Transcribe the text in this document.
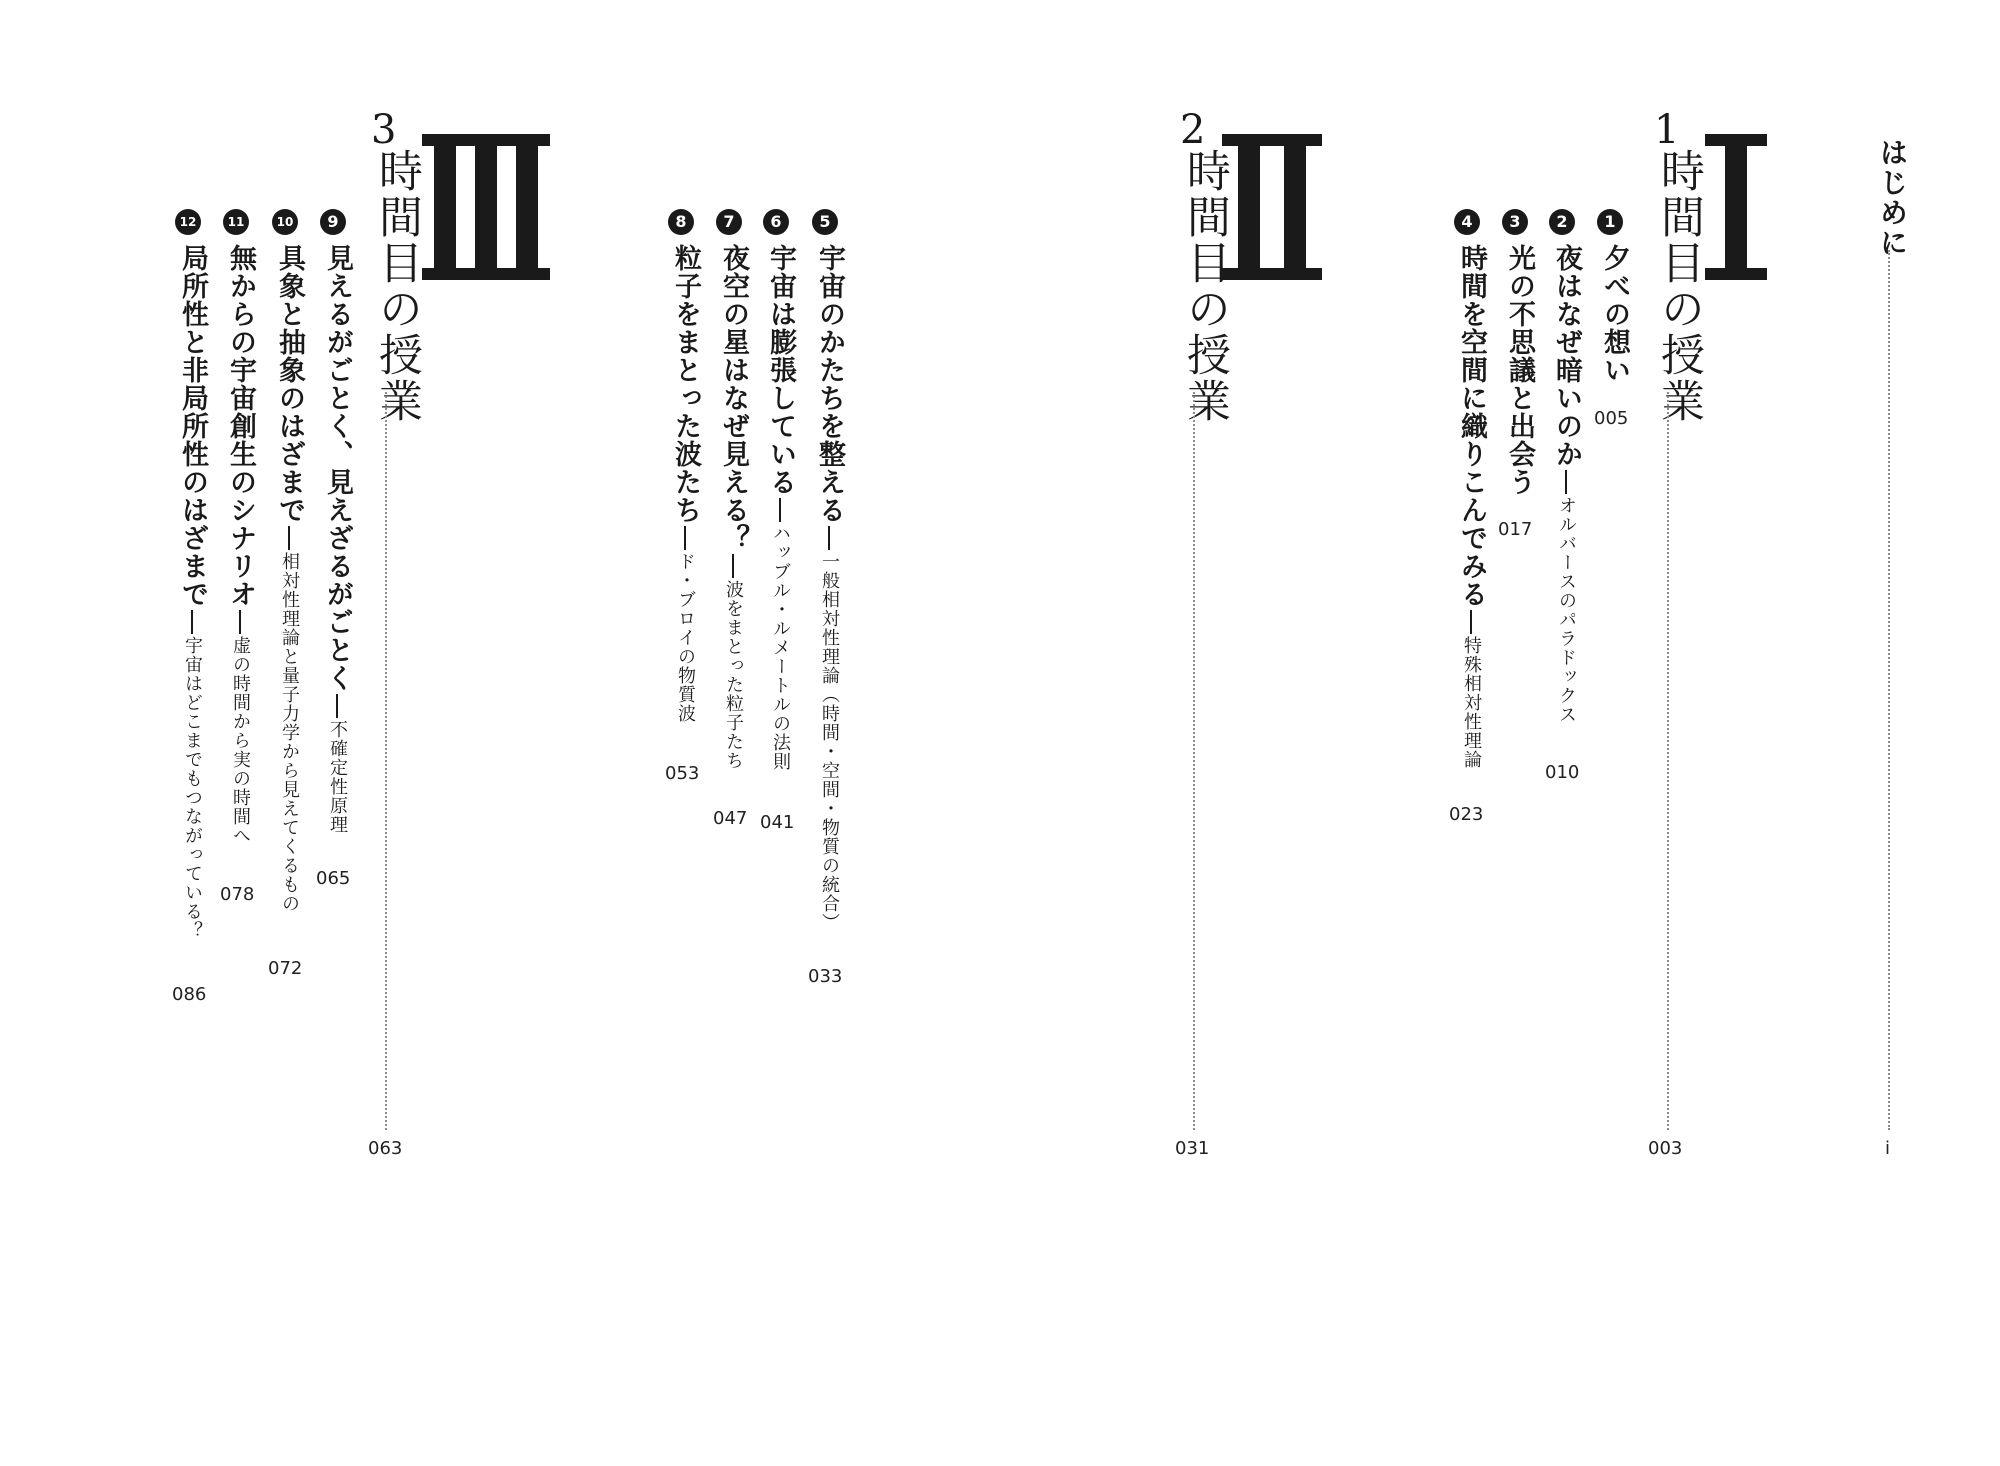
はじめに
i
1
時間目の授業
003
1
夕べの想い
005
2
夜はなぜ暗いのかオルバースのパラドックス
010
3
光の不思議と出会う
017
4
時間を空間に織りこんでみる特殊相対性理論
023
2
時間目の授業
031
5
宇宙のかたちを整える一般相対性理論（時間・空間・物質の統合）
033
6
宇宙は膨張しているハッブル・ルメートルの法則
041
7
夜空の星はなぜ見える？波をまとった粒子たち
047
8
粒子をまとった波たちド・ブロイの物質波
053
3
時間目の授業
063
9
見えるがごとく、見えざるがごとく不確定性原理
065
10
具象と抽象のはざまで相対性理論と量子力学から見えてくるもの
072
11
無からの宇宙創生のシナリオ虚の時間から実の時間へ
078
12
局所性と非局所性のはざまで宇宙はどこまでもつながっている？
086
